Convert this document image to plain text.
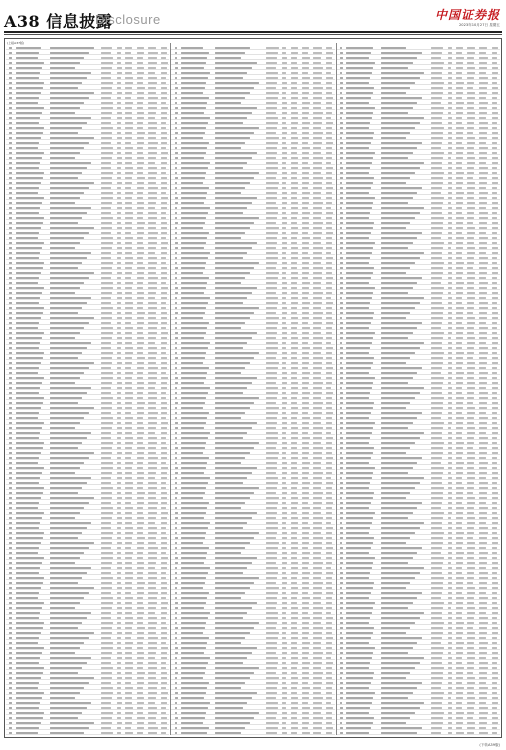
A38 信息披露
Disclosure	中国证券报
2023年10月27日 星期五
(上接A37版)
(下转A39版)
